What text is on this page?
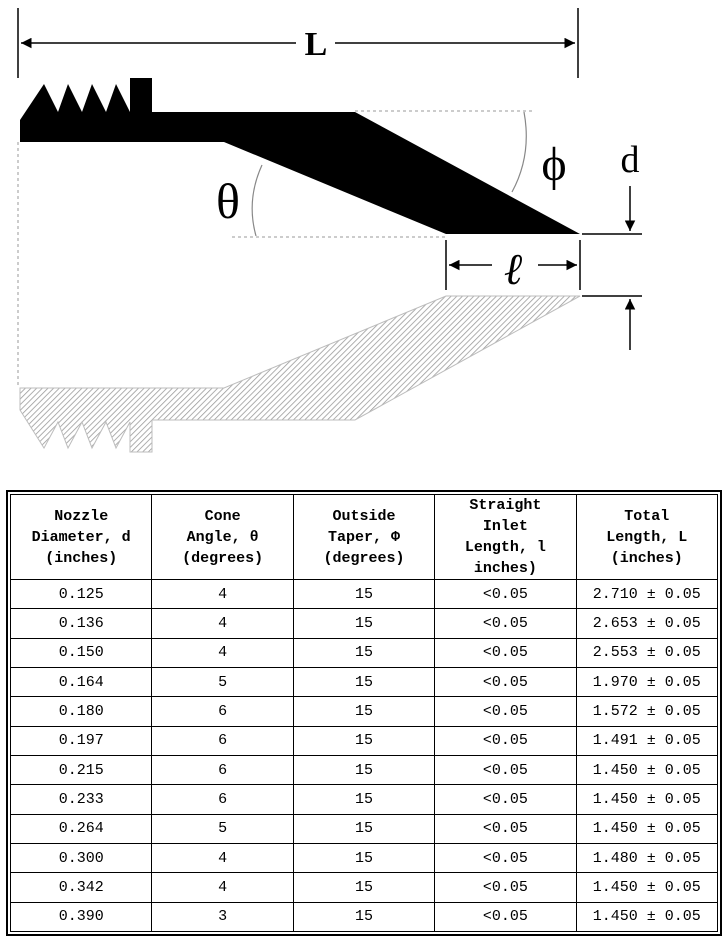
L
θ
ϕ
ℓ
d
Nozzle
Diameter, d
(inches)	Cone
Angle, θ
(degrees)	Outside
Taper, Φ
(degrees)	Straight
Inlet
Length, l
inches)	Total
Length, L
(inches)

0.125	4	15	<0.05	2.710 ± 0.05
0.136	4	15	<0.05	2.653 ± 0.05
0.150	4	15	<0.05	2.553 ± 0.05
0.164	5	15	<0.05	1.970 ± 0.05
0.180	6	15	<0.05	1.572 ± 0.05
0.197	6	15	<0.05	1.491 ± 0.05
0.215	6	15	<0.05	1.450 ± 0.05
0.233	6	15	<0.05	1.450 ± 0.05
0.264	5	15	<0.05	1.450 ± 0.05
0.300	4	15	<0.05	1.480 ± 0.05
0.342	4	15	<0.05	1.450 ± 0.05
0.390	3	15	<0.05	1.450 ± 0.05
